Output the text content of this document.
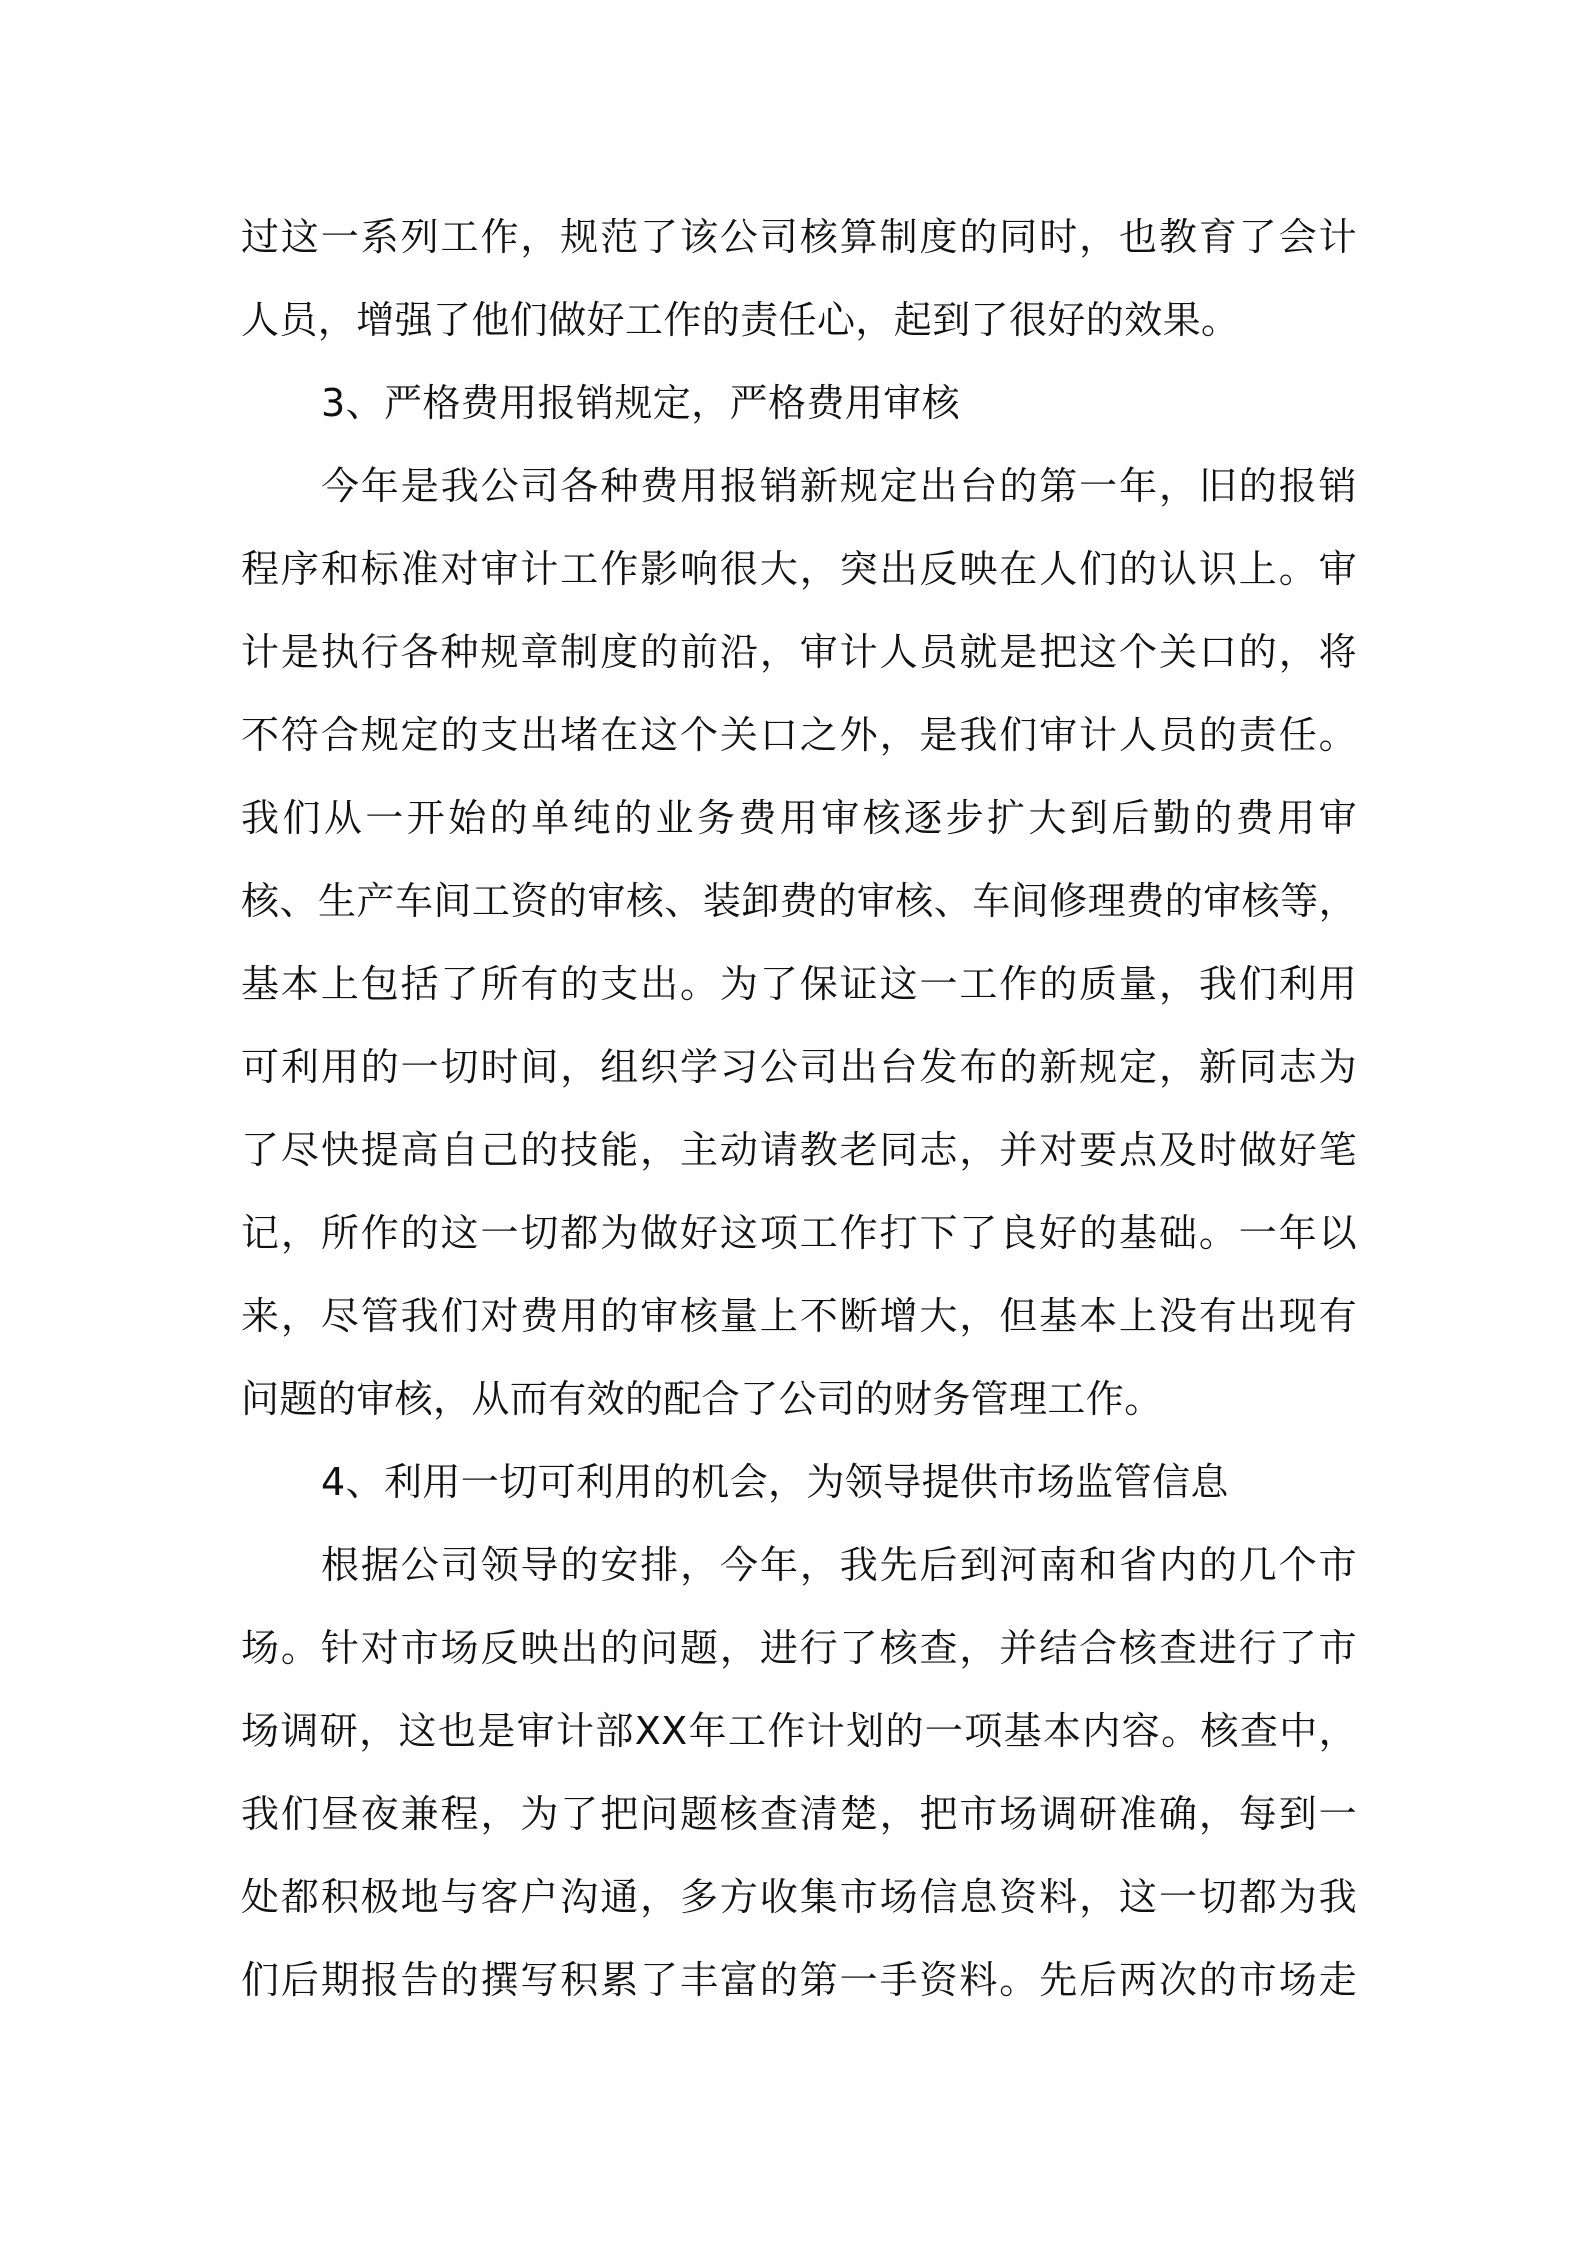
过这一系列工作，规范了该公司核算制度的同时，也教育了会计
人员，增强了他们做好工作的责任心，起到了很好的效果。
3、严格费用报销规定，严格费用审核
今年是我公司各种费用报销新规定出台的第一年，旧的报销
程序和标准对审计工作影响很大，突出反映在人们的认识上。审
计是执行各种规章制度的前沿，审计人员就是把这个关口的，将
不符合规定的支出堵在这个关口之外，是我们审计人员的责任。
我们从一开始的单纯的业务费用审核逐步扩大到后勤的费用审
核、生产车间工资的审核、装卸费的审核、车间修理费的审核等，
基本上包括了所有的支出。为了保证这一工作的质量，我们利用
可利用的一切时间，组织学习公司出台发布的新规定，新同志为
了尽快提高自己的技能，主动请教老同志，并对要点及时做好笔
记，所作的这一切都为做好这项工作打下了良好的基础。一年以
来，尽管我们对费用的审核量上不断增大，但基本上没有出现有
问题的审核，从而有效的配合了公司的财务管理工作。
4、利用一切可利用的机会，为领导提供市场监管信息
根据公司领导的安排，今年，我先后到河南和省内的几个市
场。针对市场反映出的问题，进行了核查，并结合核查进行了市
场调研，这也是审计部XX年工作计划的一项基本内容。核查中，
我们昼夜兼程，为了把问题核查清楚，把市场调研准确，每到一
处都积极地与客户沟通，多方收集市场信息资料，这一切都为我
们后期报告的撰写积累了丰富的第一手资料。先后两次的市场走
